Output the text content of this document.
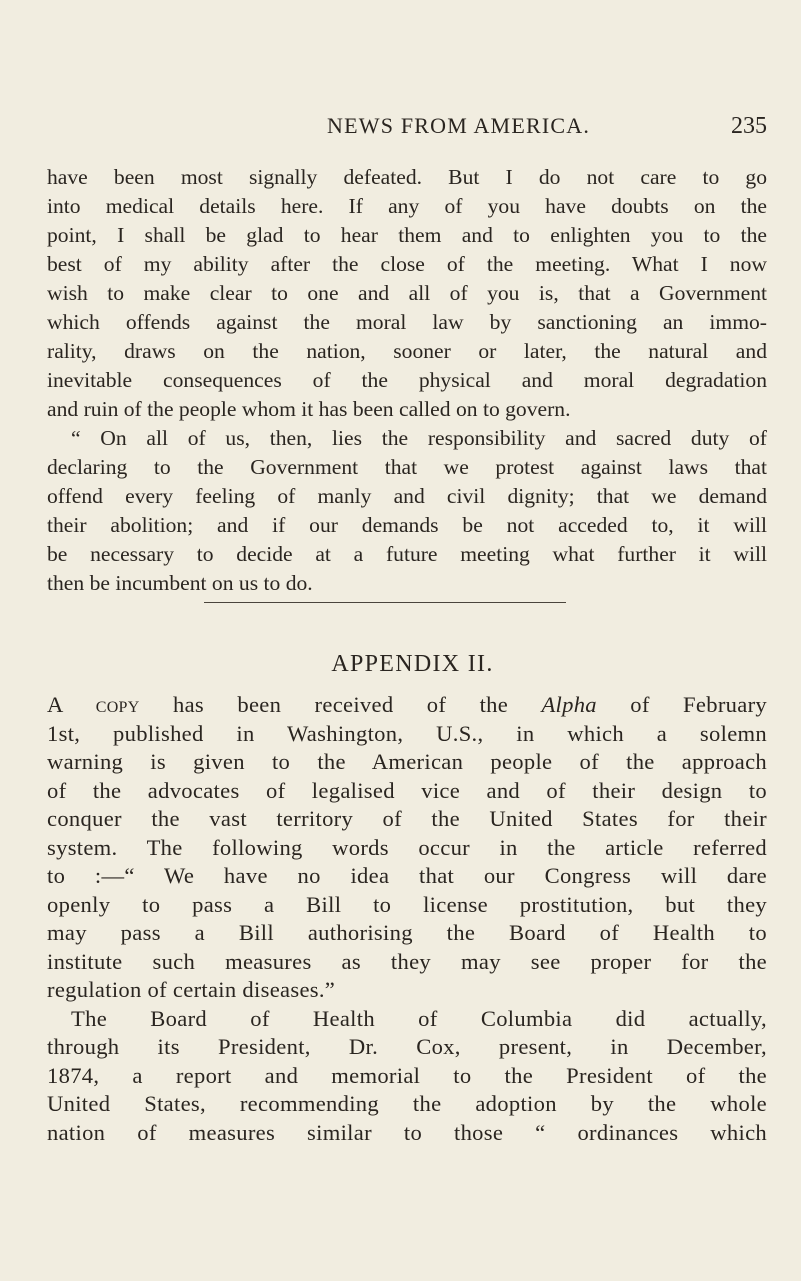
NEWS FROM AMERICA.	235
have been most signally defeated. But I do not care to go
into medical details here. If any of you have doubts on the
point, I shall be glad to hear them and to enlighten you to the
best of my ability after the close of the meeting. What I now
wish to make clear to one and all of you is, that a Government
which offends against the moral law by sanctioning an immo-
rality, draws on the nation, sooner or later, the natural and
inevitable consequences of the physical and moral degradation
and ruin of the people whom it has been called on to govern.
“ On all of us, then, lies the responsibility and sacred duty of
declaring to the Government that we protest against laws that
offend every feeling of manly and civil dignity; that we demand
their abolition; and if our demands be not acceded to, it will
be necessary to decide at a future meeting what further it will
then be incumbent on us to do.
APPENDIX II.
A copy has been received of the Alpha of February
1st, published in Washington, U.S., in which a solemn
warning is given to the American people of the approach
of the advocates of legalised vice and of their design to
conquer the vast territory of the United States for their
system. The following words occur in the article referred
to :—“ We have no idea that our Congress will dare
openly to pass a Bill to license prostitution, but they
may pass a Bill authorising the Board of Health to
institute such measures as they may see proper for the
regulation of certain diseases.”
The Board of Health of Columbia did actually,
through its President, Dr. Cox, present, in December,
1874, a report and memorial to the President of the
United States, recommending the adoption by the whole
nation of measures similar to those “ ordinances which
